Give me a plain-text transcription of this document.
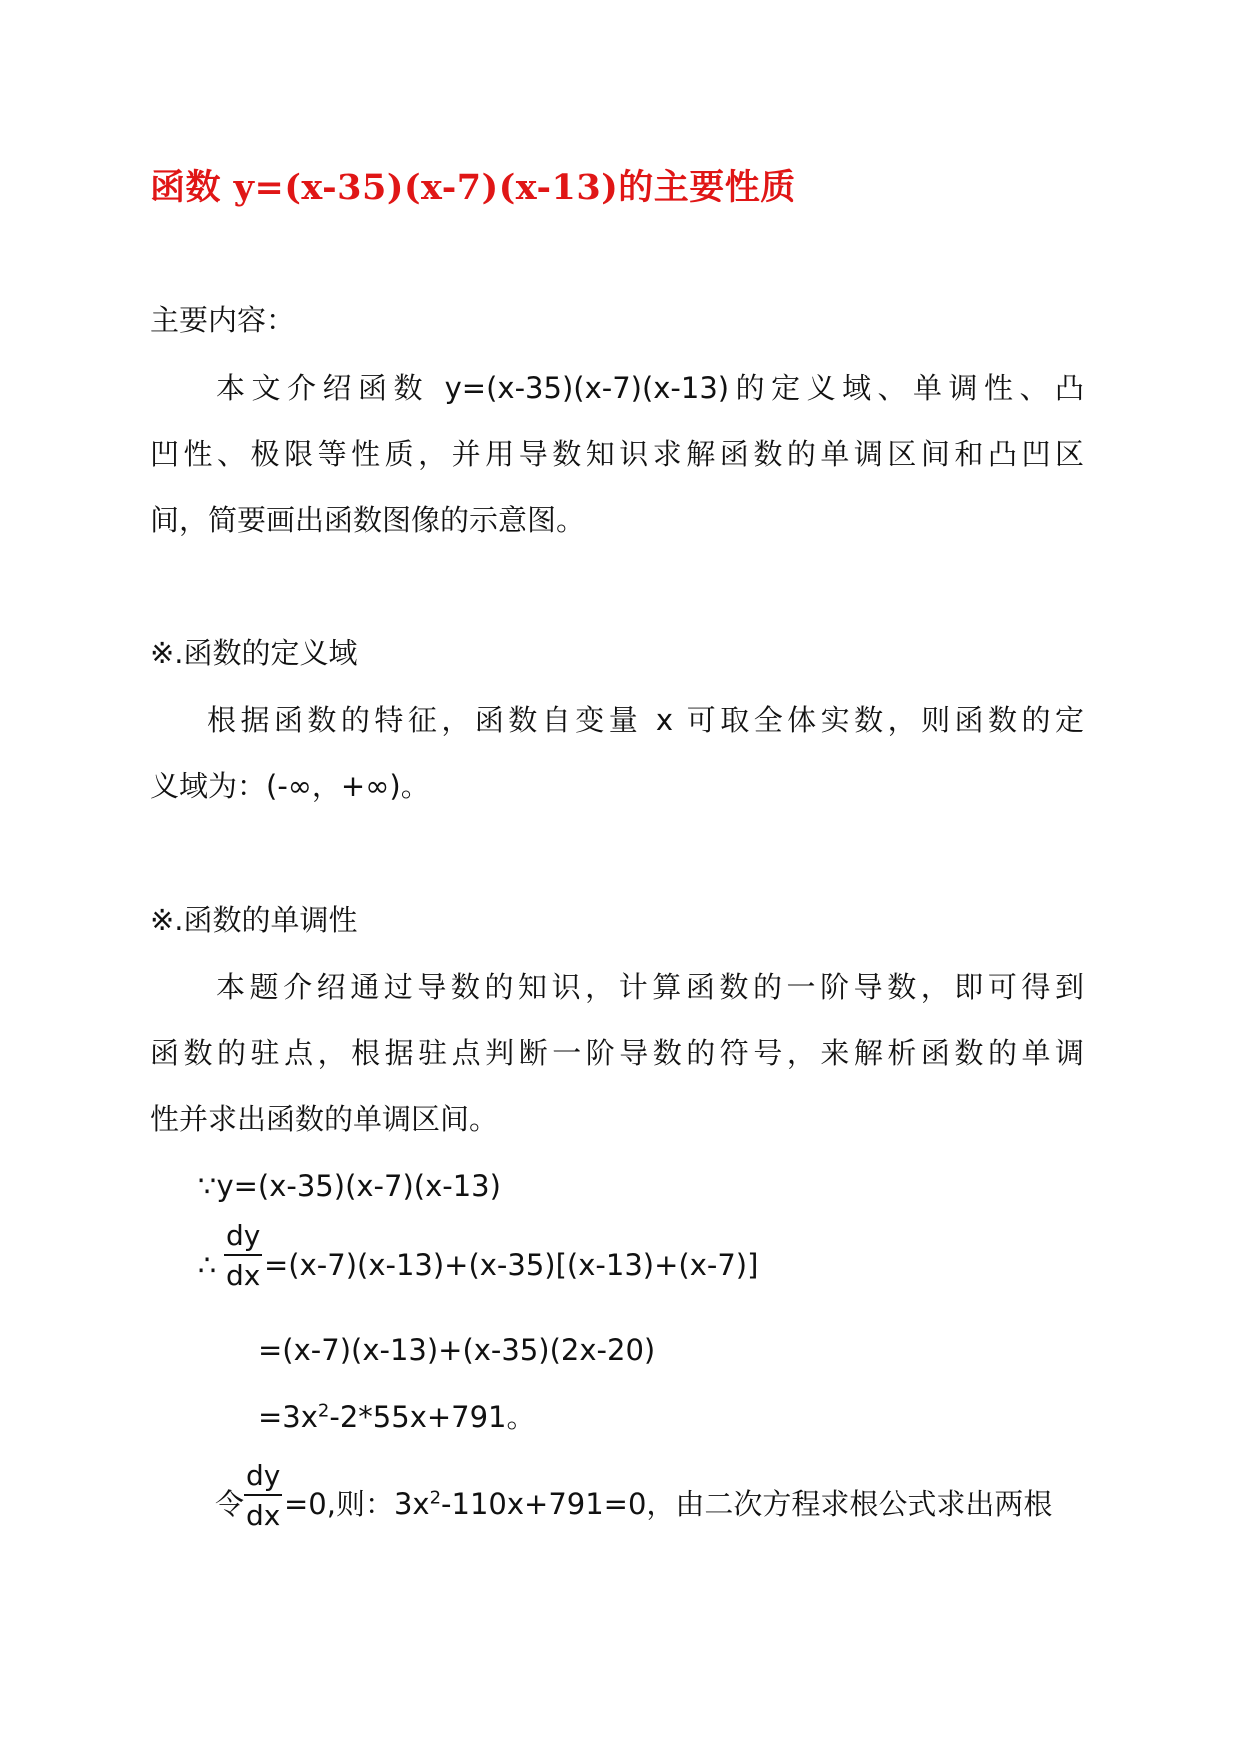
函数 y=(x-35)(x-7)(x-13)的主要性质
主要内容：
本文介绍函数 y=(x-35)(x-7)(x-13)的定义域、单调性、凸
凹性、极限等性质，并用导数知识求解函数的单调区间和凸凹区
间，简要画出函数图像的示意图。
※.函数的定义域
根据函数的特征，函数自变量 x 可取全体实数，则函数的定
义域为：(-∞，+∞)。
※.函数的单调性
本题介绍通过导数的知识，计算函数的一阶导数，即可得到
函数的驻点，根据驻点判断一阶导数的符号，来解析函数的单调
性并求出函数的单调区间。
∵y=(x-35)(x-7)(x-13)
∴
dy
dx =(x-7)(x-13)+(x-35)[(x-13)+(x-7)]
=(x-7)(x-13)+(x-35)(2x-20)
$=3x^2-2*55x+791$。
令
dy
dx =0,则：$3x^2-110x+791=0$，由二次方程求根公式求出两根
